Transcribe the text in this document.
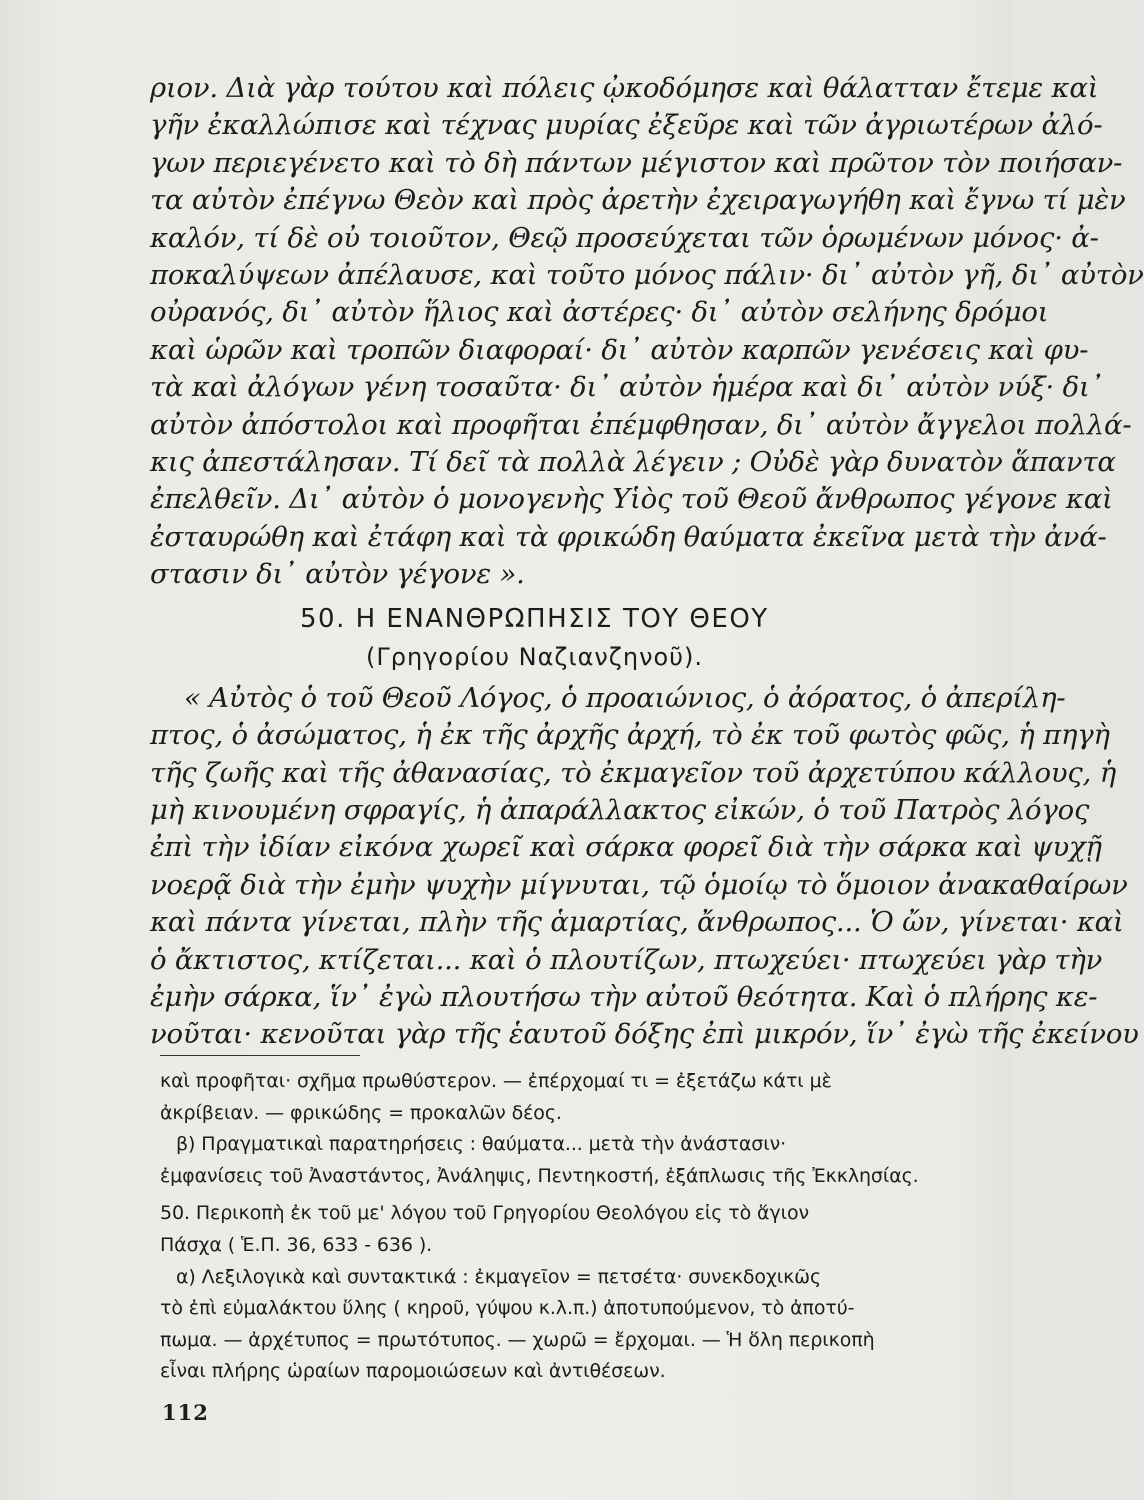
ριον. Διὰ γὰρ τούτου καὶ πόλεις ᾠκοδόμησε καὶ θάλατταν ἔτεμε καὶ

γῆν ἐκαλλώπισε καὶ τέχνας μυρίας ἐξεῦρε καὶ τῶν ἀγριωτέρων ἀλό-

γων περιεγένετο καὶ τὸ δὴ πάντων μέγιστον καὶ πρῶτον τὸν ποιήσαν-

τα αὐτὸν ἐπέγνω Θεὸν καὶ πρὸς ἀρετὴν ἐχειραγωγήθη καὶ ἔγνω τί μὲν

καλόν, τί δὲ οὐ τοιοῦτον, Θεῷ προσεύχεται τῶν ὁρωμένων μόνος· ἀ-

ποκαλύψεων ἀπέλαυσε, καὶ τοῦτο μόνος πάλιν· δι᾿ αὐτὸν γῆ, δι᾿ αὐτὸν

οὐρανός, δι᾿ αὐτὸν ἥλιος καὶ ἀστέρες· δι᾿ αὐτὸν σελήνης δρόμοι

καὶ ὡρῶν καὶ τροπῶν διαφοραί· δι᾿ αὐτὸν καρπῶν γενέσεις καὶ φυ-

τὰ καὶ ἀλόγων γένη τοσαῦτα· δι᾿ αὐτὸν ἡμέρα καὶ δι᾿ αὐτὸν νύξ· δι᾿

αὐτὸν ἀπόστολοι καὶ προφῆται ἐπέμφθησαν, δι᾿ αὐτὸν ἄγγελοι πολλά-

κις ἀπεστάλησαν. Τί δεῖ τὰ πολλὰ λέγειν ; Οὐδὲ γὰρ δυνατὸν ἅπαντα

ἐπελθεῖν. Δι᾿ αὐτὸν ὁ μονογενὴς Υἱὸς τοῦ Θεοῦ ἄνθρωπος γέγονε καὶ

ἐσταυρώθη καὶ ἐτάφη καὶ τὰ φρικώδη θαύματα ἐκεῖνα μετὰ τὴν ἀνά-

στασιν δι᾿ αὐτὸν γέγονε ».

50. Η ΕΝΑΝΘΡΩΠΗΣΙΣ ΤΟΥ ΘΕΟΥ
(Γρηγορίου Ναζιανζηνοῦ).

« Αὐτὸς ὁ τοῦ Θεοῦ Λόγος, ὁ προαιώνιος, ὁ ἀόρατος, ὁ ἀπερίλη-

πτος, ὁ ἀσώματος, ἡ ἐκ τῆς ἀρχῆς ἀρχή, τὸ ἐκ τοῦ φωτὸς φῶς, ἡ πηγὴ

τῆς ζωῆς καὶ τῆς ἀθανασίας, τὸ ἐκμαγεῖον τοῦ ἀρχετύπου κάλλους, ἡ

μὴ κινουμένη σφραγίς, ἡ ἀπαράλλακτος εἰκών, ὁ τοῦ Πατρὸς λόγος

ἐπὶ τὴν ἰδίαν εἰκόνα χωρεῖ καὶ σάρκα φορεῖ διὰ τὴν σάρκα καὶ ψυχῇ

νοερᾷ διὰ τὴν ἐμὴν ψυχὴν μίγνυται, τῷ ὁμοίῳ τὸ ὅμοιον ἀνακαθαίρων

καὶ πάντα γίνεται, πλὴν τῆς ἁμαρτίας, ἄνθρωπος... Ὁ ὤν, γίνεται· καὶ

ὁ ἄκτιστος, κτίζεται... καὶ ὁ πλουτίζων, πτωχεύει· πτωχεύει γὰρ τὴν

ἐμὴν σάρκα, ἵν᾿ ἐγὼ πλουτήσω τὴν αὐτοῦ θεότητα. Καὶ ὁ πλήρης κε-

νοῦται· κενοῦται γὰρ τῆς ἑαυτοῦ δόξης ἐπὶ μικρόν, ἵν᾿ ἐγὼ τῆς ἐκείνου

καὶ προφῆται· σχῆμα πρωθύστερον. — ἐπέρχομαί τι = ἐξετάζω κάτι μὲ

ἀκρίβειαν. — φρικώδης = προκαλῶν δέος.

β) Πραγματικαὶ παρατηρήσεις : θαύματα... μετὰ τὴν ἀνάστασιν·

ἐμφανίσεις τοῦ Ἀναστάντος, Ἀνάληψις, Πεντηκοστή, ἐξάπλωσις τῆς Ἐκκλησίας.

50. Περικοπὴ ἐκ τοῦ με' λόγου τοῦ Γρηγορίου Θεολόγου εἰς τὸ ἅγιον

Πάσχα ( Ἑ.Π. 36, 633 - 636 ).

α) Λεξιλογικὰ καὶ συντακτικά : ἐκμαγεῖον = πετσέτα· συνεκδοχικῶς

τὸ ἐπὶ εὐμαλάκτου ὕλης ( κηροῦ, γύψου κ.λ.π.) ἀποτυπούμενον, τὸ ἀποτύ-

πωμα. — ἀρχέτυπος = πρωτότυπος. — χωρῶ = ἔρχομαι. — Ἡ ὅλη περικοπὴ

εἶναι πλήρης ὡραίων παρομοιώσεων καὶ ἀντιθέσεων.

112
